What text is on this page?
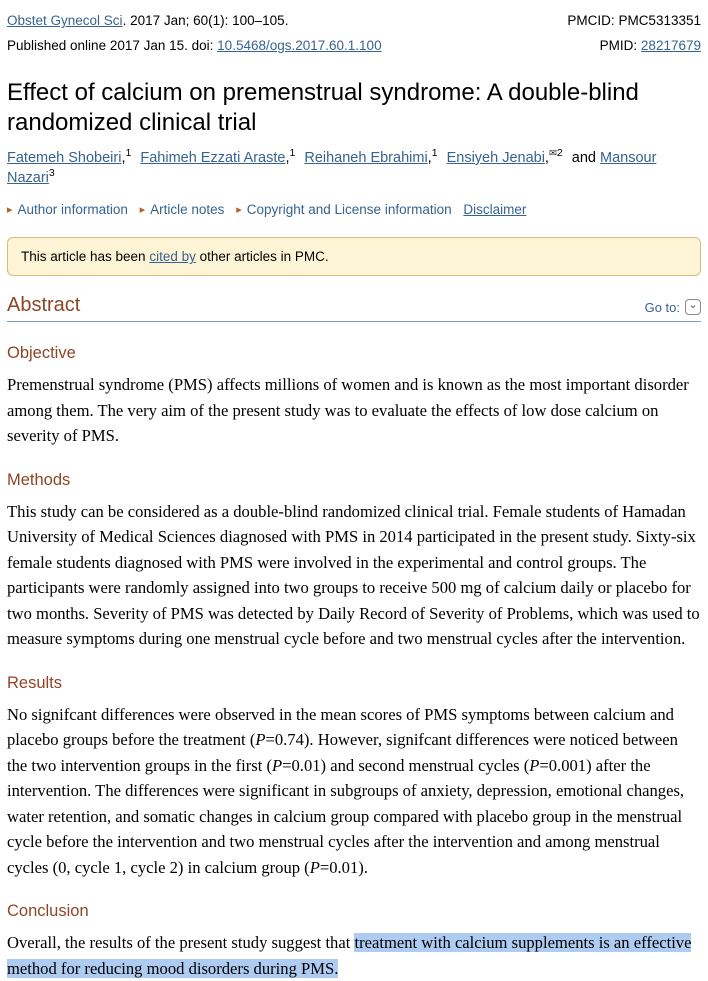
Obstet Gynecol Sci. 2017 Jan; 60(1): 100–105.	PMCID: PMC5313351
Published online 2017 Jan 15. doi: 10.5468/ogs.2017.60.1.100	PMID: 28217679
Effect of calcium on premenstrual syndrome: A double-blind randomized clinical trial
Fatemeh Shobeiri,$^1$ Fahimeh Ezzati Araste,$^1$ Reihaneh Ebrahimi,$^1$ Ensiyeh Jenabi,$^{✉2}$ and Mansour Nazari$^3$
▸ Author information ▸ Article notes ▸ Copyright and License information Disclaimer
This article has been cited by other articles in PMC.
Abstract	Go to: ⌄
Objective

Premenstrual syndrome (PMS) affects millions of women and is known as the most important disorder among them. The very aim of the present study was to evaluate the effects of low dose calcium on severity of PMS.

Methods

This study can be considered as a double-blind randomized clinical trial. Female students of Hamadan University of Medical Sciences diagnosed with PMS in 2014 participated in the present study. Sixty-six female students diagnosed with PMS were involved in the experimental and control groups. The participants were randomly assigned into two groups to receive 500 mg of calcium daily or placebo for two months. Severity of PMS was detected by Daily Record of Severity of Problems, which was used to measure symptoms during one menstrual cycle before and two menstrual cycles after the intervention.

Results

No signifcant differences were observed in the mean scores of PMS symptoms between calcium and placebo groups before the treatment (P=0.74). However, signifcant differences were noticed between the two intervention groups in the first (P=0.01) and second menstrual cycles (P=0.001) after the intervention. The differences were significant in subgroups of anxiety, depression, emotional changes, water retention, and somatic changes in calcium group compared with placebo group in the menstrual cycle before the intervention and two menstrual cycles after the intervention and among menstrual cycles (0, cycle 1, cycle 2) in calcium group (P=0.01).

Conclusion

Overall, the results of the present study suggest that treatment with calcium supplements is an effective method for reducing mood disorders during PMS.
